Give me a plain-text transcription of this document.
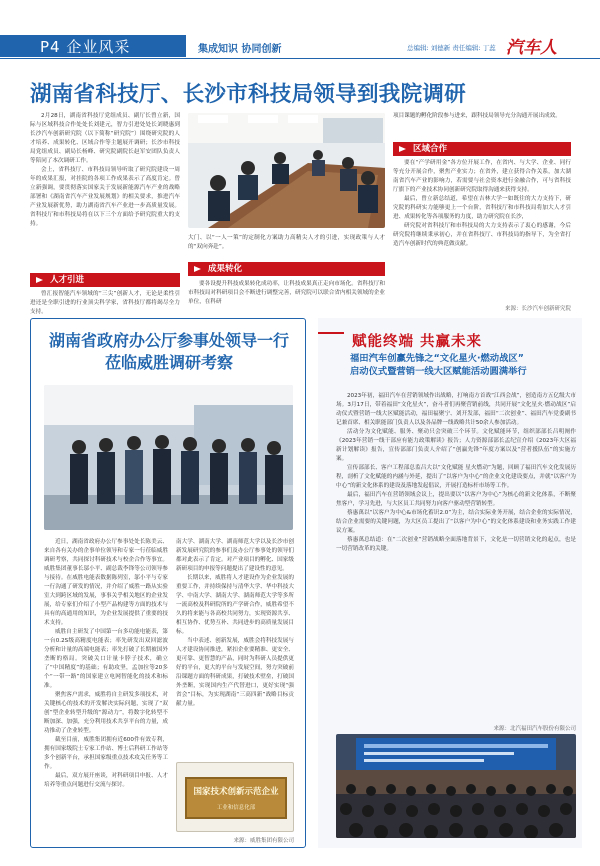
P4 企业风采	集成知识 协同创新	总编辑: 刘德新 责任编辑: 丁蕊 汽车人
湖南省科技厅、长沙市科技局领导到我院调研

2月28日，湖南省科技厅党组成员、副厅长曾立新，国际与区域科技合作处处长刘建元，智力引进处处长刘晓惠到长沙汽车创新研究院（以下简称“研究院”）围绕研究院的人才培养、成果转化、区域合作等主题展开调研；长沙市科技局党组成员、副局长杨峰、研究院副院长赵军安团队负责人等陪同了本次调研工作。

会上，省科技厅、市科技局领导听取了研究院建设一周年的成果汇报，对挂院的各项工作成果表示了高度肯定。曾立新强调，要贯彻落实国家关于发展新能源汽车产业的战略部署和《湖南省汽车产业发展规划》的相关要求，推进汽车产业发展新优势，助力湖南省汽车产业进一步高质量发展。省科技厅和市科技局将在以下三个方面给予研究院重大的支持。

人才引进

曾汇报智能汽车领域的“三尖”创新人才，无论是柔性引进还是全职引进的行业顶尖科学家，省科技厅都将竭尽全力支持。

大门、以“一人一策”的定制化方案助力高精尖人才的引进，实现政策与人才的“双向奔赴”。

成果转化

要各设提升科技成果转化成功率，让科技成果真正走向市场化。省科技厅和市科技局对科研项目会不断进行调整完善，研究院可以联合省内相关领域的企业单位，在科研

项目课题的孵化阶段参与进来，跟科技局领导充分沟通开展出成效。

区域合作

要在“产学研用金”各方位开展工作，在省内、与大学、企业、同行等充分开展合作，聚焦产业实力；在省外，建立获得合作关系，加大湖南省汽车产业的影响力，若需要与社会资本进行金融合作，可与省科技厅旗下的产业技术协同创新研究院取得沟通来获得支持。

最后，曾立新总结道，希望在吉林大学一如既往的大力支持下，研究院的科研实力能够更上一个台阶，省科技厅和市科技局将加大人才引进、成果转化等各项服务的力度，助力研究院在长沙，

研究院对省科技厅和市科技局的大力支持表示了衷心的感谢，今后研究院将继续秉承初心，并在省科技厅、市科技局的指导下，为全省打造汽车创新时代的典范做贡献。

来源：长沙汽车创新研究院
湖南省政府办公厅参事处领导一行
莅临威胜调研考察

近日，湖南省政府办公厅参事处处长陈美云、来自各有关办的企事单位领导和专家一行莅临威胜调研考察，共同探讨科研技术与校企合作等事宜。威胜集团董事长邬小平、副总裁李锋等公司领导参与接待。在威胜电能表数据陈列室，邬小平与专家一行沟通了研发的情况，并介绍了威胜一路从实验室大到跨区域的发展，事事关乎相关地区的企业发展，给专家们介绍了小型产品构建等方面的技术与具有的高通用的知识，为企业发展提供了重要的技术支持。

威胜自主研发了中国第一台多功能电能表，第一台0.2S级高精度电能表；率先研发出双回滤波分析和计量的高端电能表；率先打破了长期被国外垄断的格局。突破关口计量卡脖子技术，确立了“中国精度”的基础；有助攻坚，孟加拉等20多个“一带一路”的国家建立电网智能化的技术和标准。

聚焦客户需求，威胜将自主研发多项技术，对关键核心的技术的开发解决实际问题，实现了“双创”型企业转型升级的“源动力”，将数字化转型不断加深、加强，充分利用技术共享平台的力量，成功推动了企业转型。

截至目前，威胜集团拥有近600件有效专利，拥有国家级院士专家工作站、博士后科研工作站等多个创新平台，承担国家级重点技术攻关任务等工作。

最后，双方展开座谈，对科研项目申报、人才培养等重点问题进行交流与探讨。

南大学、湖南大学、湖南师范大学以及长沙市创新发展研究院的参事们及办公厅参事处的领导们都对此表示了肯定。对产业项目的孵化、国家级新研项目的申报等问题提出了建设性的意见。

长期以来，威胜将人才建设作为企业发展的重要工作，并持续保持与清华大学、华中科技大学、中南大学、湖南大学、湖南师范大学等多所一流高校及科研院所的产学研合作，威胜希望不久的将来能与各高校共同努力，实现资源共享、相互协作、优势互补、共同进步的高质量发展目标。

当中表述、创新发展，威胜会将科技发展与人才建设协同推进，紧扣企业要精准、更安全、更可靠、更智慧的产品，同时为科研人员提供更好的平台，更大的平台与发展空间，努力突破前沿课题方面的科研成果，打破技术壁垒，打破国外垄断，实现国内生产代替进口，更好实现“强省会”目标，为实现湖南“三高四新”战略目标贡献力量。

国家技术创新示范企业
工业和信息化部
来源：威胜集团有限公司
赋能终端 共赢未来
福田汽车创赢先锋之“文化星火·燃动战区”
启动仪式暨营销一线大区赋能活动圆满举行

2023年初，福田汽车在营销领域作出战略，打响南方首战“江西会战”，创造南方五亿级大市场。3月17日，带着福田“文化星火”，奋斗者们再聚营销前线，共同开展“文化星火·燃动战区”启动仪式暨营销一线大区赋能活动，福田福聚宁、刘开发部，福田“二次创业”、福田汽车党委副书记兼首席、相关职能部门负责人以及各品牌一线战略共计50余人参加活动。

活动分为文化赋能、服务、聚动只会突破三个环节。文化赋能环节，组织部部长吕明阐作《2023年营销一线干部应有能力政策解读》报告；人力资源部部长孟纪宣介绍《2023年大区福新计划解读》报告，宣传部部门负责人介绍了“创赢先锋”年度方案以及“营者援队伍”的实施方案。

宣传部部长、客户工程部总监吕大以“文化赋能 星火燃动”为题，回顾了福田汽车文化发展历程，剖析了文化赋能的内涵与外延，提出了“以客户为中心”的企业文化建设要点，并就“以客户为中心”的新文化体系的建设及落地发起倡议，开展打造标杆市场等工作。

最后，福田汽车在营销领域会议上，提出要以“以客户为中心”为核心的新文化体系，不断聚焦客户，学习先进，与大区员工共同努力向客户驱动型营销转型。

蔡惠萬以“以客户为中心&市场化蓄识2.0”为主，结合实际业务开展，结合企业的实际情况，结合企业需要的关键问题，为大区员工提出了“以客户为中心”的文化体系建设和业务实践工作建议方案。

蔡惠萬总结道：在“二次创业”营销战略全面落地背景下，文化是一切营销文化的起点，也是一切营销改革的关键。

来源：北汽福田汽车股份有限公司
